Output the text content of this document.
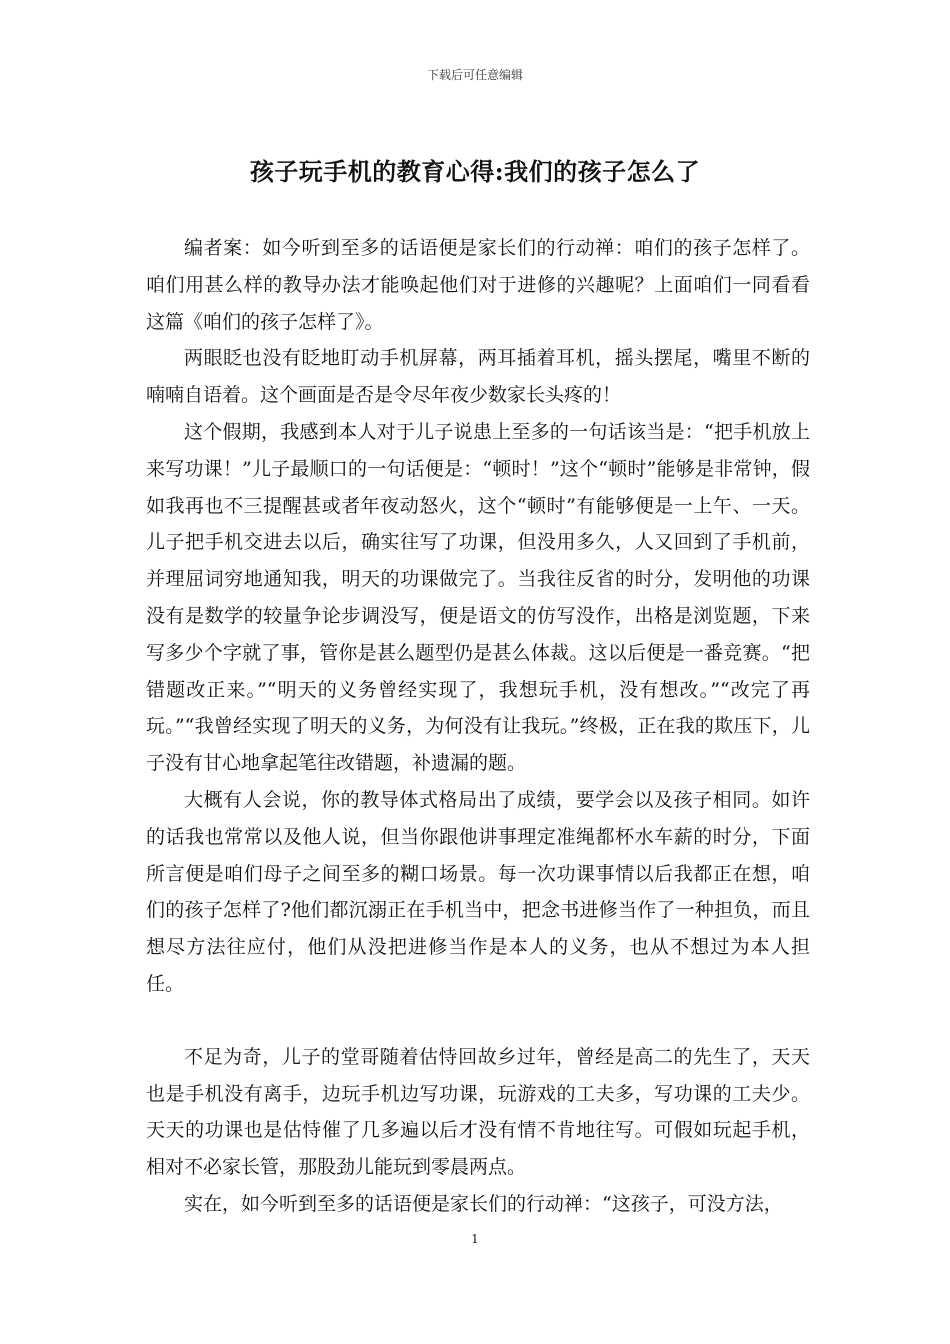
下载后可任意编辑
孩子玩手机的教育心得:我们的孩子怎么了

编者案：如今听到至多的话语便是家长们的行动禅：咱们的孩子怎样了。咱们用甚么样的教导办法才能唤起他们对于进修的兴趣呢？上面咱们一同看看这篇《咱们的孩子怎样了》。

两眼眨也没有眨地盯动手机屏幕，两耳插着耳机，摇头摆尾，嘴里不断的喃喃自语着。这个画面是否是令尽年夜少数家长头疼的！

这个假期，我感到本人对于儿子说患上至多的一句话该当是：“把手机放上来写功课！”儿子最顺口的一句话便是：“顿时！”这个“顿时”能够是非常钟，假如我再也不三提醒甚或者年夜动怒火，这个“顿时”有能够便是一上午、一天。儿子把手机交进去以后，确实往写了功课，但没用多久，人又回到了手机前，并理屈词穷地通知我，明天的功课做完了。当我往反省的时分，发明他的功课没有是数学的较量争论步调没写，便是语文的仿写没作，出格是浏览题，下来写多少个字就了事，管你是甚么题型仍是甚么体裁。这以后便是一番竞赛。“把错题改正来。”“明天的义务曾经实现了，我想玩手机，没有想改。”“改完了再玩。”“我曾经实现了明天的义务，为何没有让我玩。”终极，正在我的欺压下，儿子没有甘心地拿起笔往改错题，补遗漏的题。

大概有人会说，你的教导体式格局出了成绩，要学会以及孩子相同。如许的话我也常常以及他人说，但当你跟他讲事理定准绳都杯水车薪的时分，下面所言便是咱们母子之间至多的糊口场景。每一次功课事情以后我都正在想，咱们的孩子怎样了?他们都沉溺正在手机当中，把念书进修当作了一种担负，而且想尽方法往应付，他们从没把进修当作是本人的义务，也从不想过为本人担任。

不足为奇，儿子的堂哥随着估恃回故乡过年，曾经是高二的先生了，天天也是手机没有离手，边玩手机边写功课，玩游戏的工夫多，写功课的工夫少。天天的功课也是估恃催了几多遍以后才没有情不肯地往写。可假如玩起手机，相对不必家长管，那股劲儿能玩到零晨两点。

实在，如今听到至多的话语便是家长们的行动禅：“这孩子，可没方法，

1
